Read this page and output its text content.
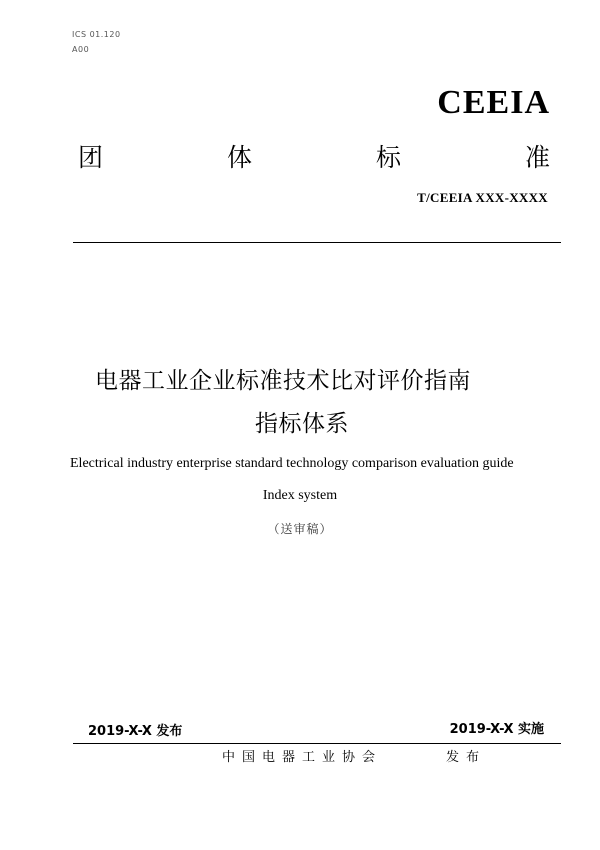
ICS 01.120
A00
CEEIA
团	体	标	准
T/CEEIA XXX-XXXX
电器工业企业标准技术比对评价指南
指标体系
Electrical industry enterprise standard technology comparison evaluation guide
Index system
（送审稿）
2019-X-X 发布	2019-X-X 实施
中国电器工业协会	发布
